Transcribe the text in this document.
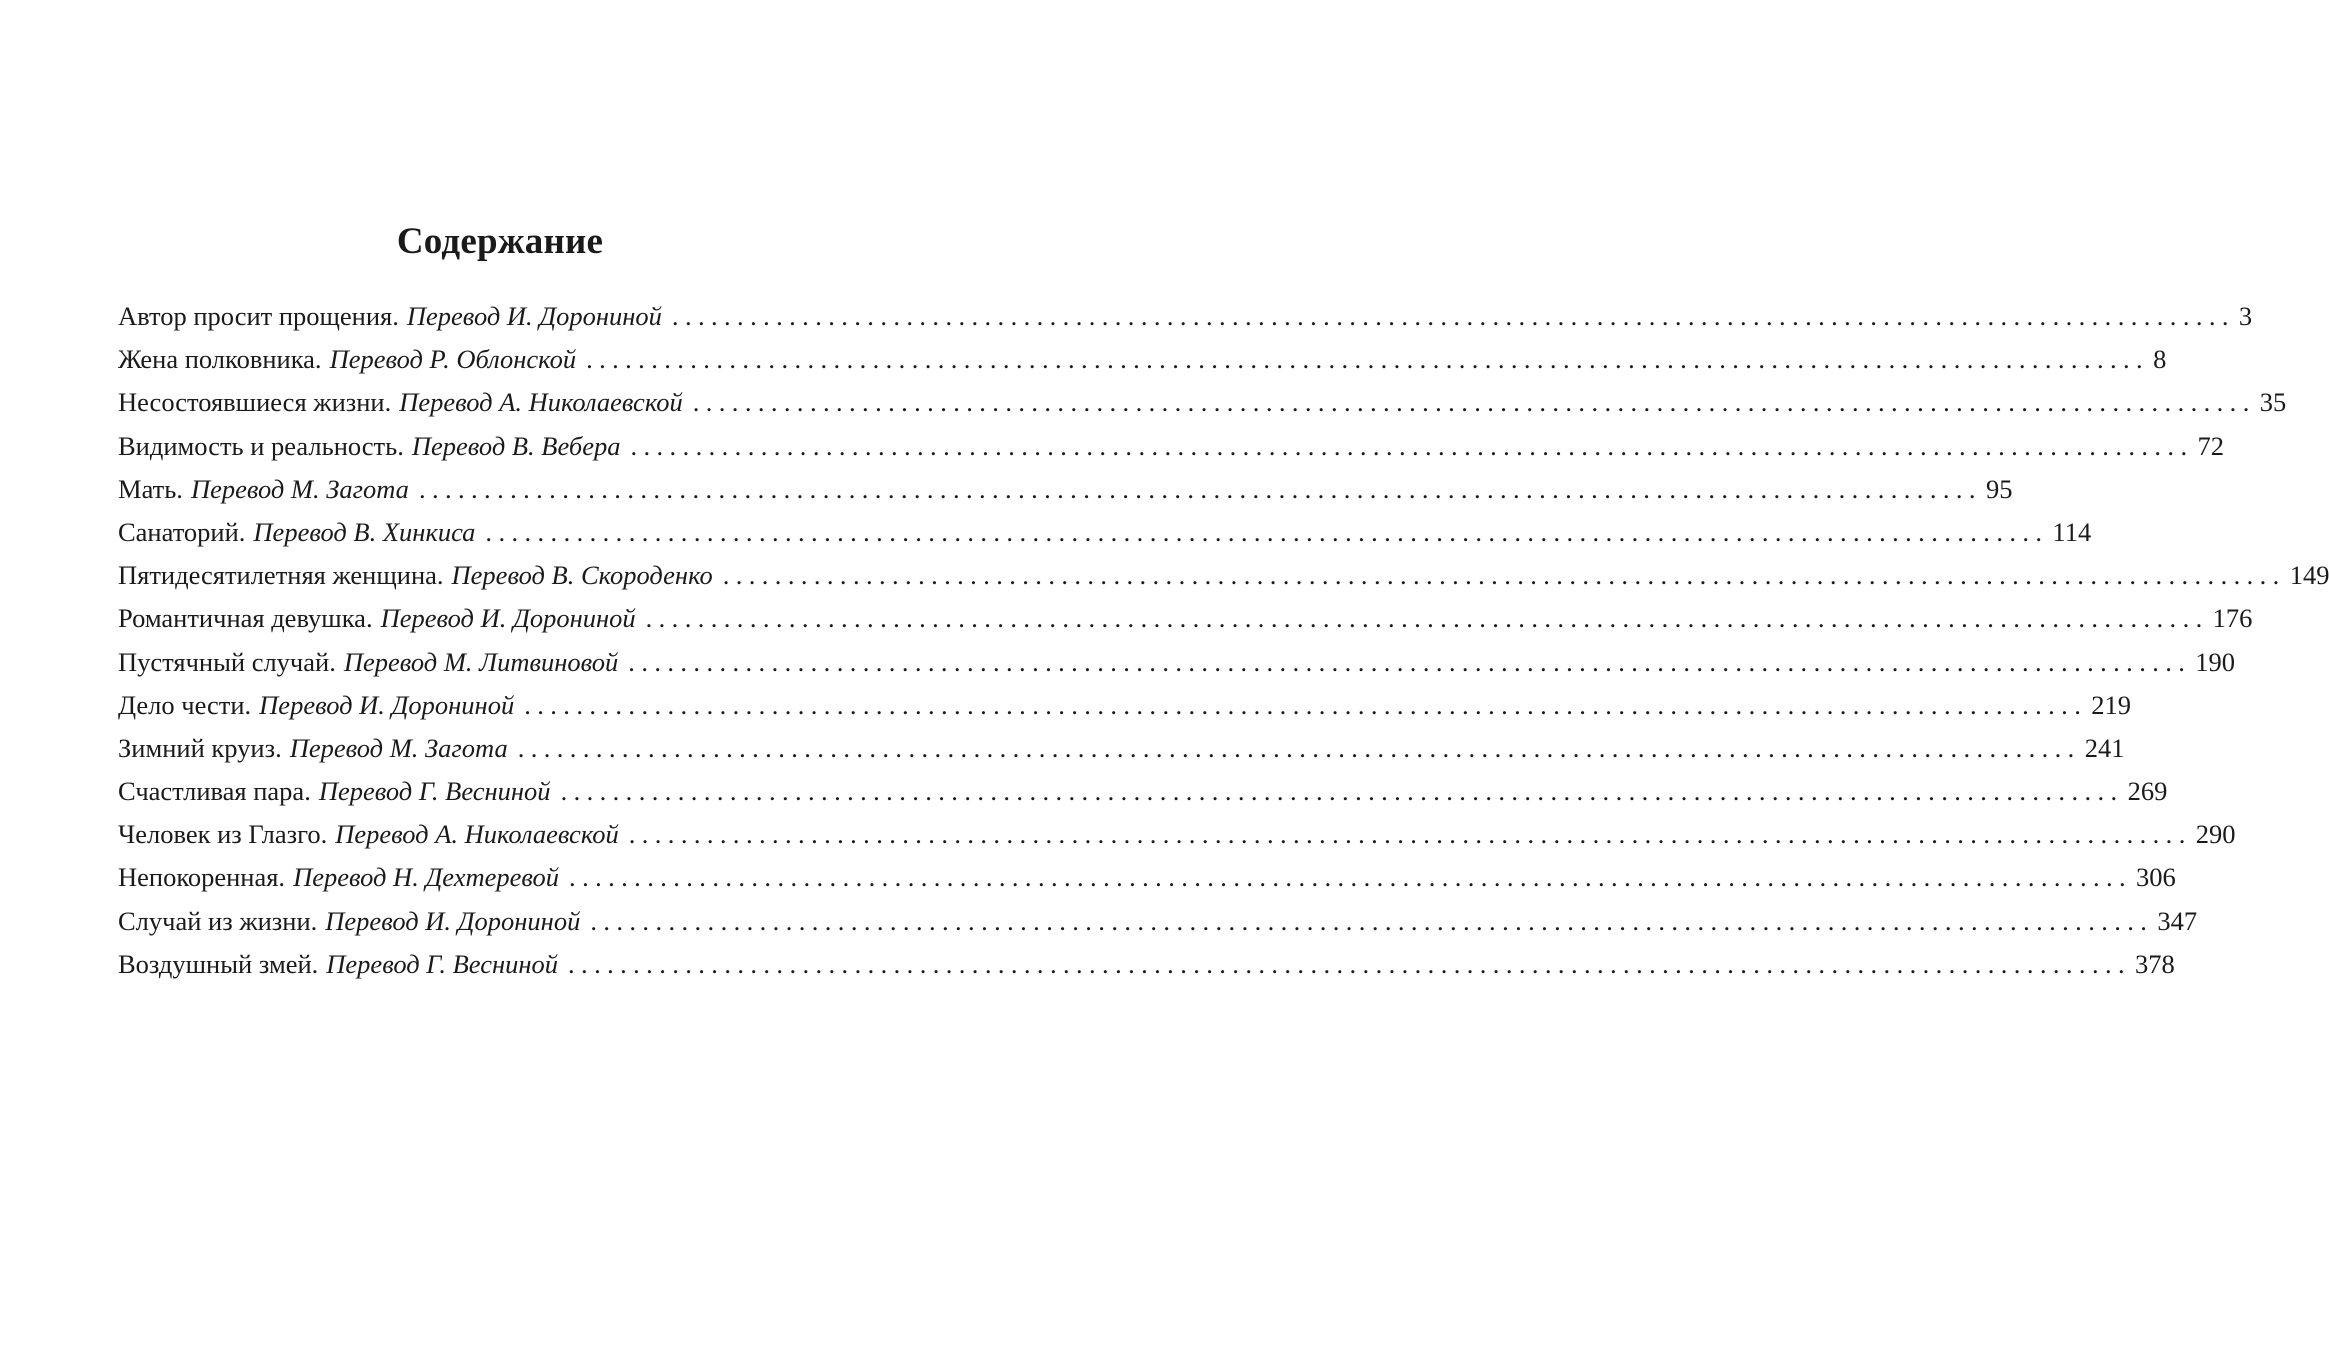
Содержание
Автор просит прощения. Перевод И. Дорониной ........................................................................................................................ 3
Жена полковника. Перевод Р. Облонской ........................................................................................................................ 8
Несостоявшиеся жизни. Перевод А. Николаевской ........................................................................................................................ 35
Видимость и реальность. Перевод В. Вебера ........................................................................................................................ 72
Мать. Перевод М. Загота ........................................................................................................................ 95
Санаторий. Перевод В. Хинкиса ........................................................................................................................ 114
Пятидесятилетняя женщина. Перевод В. Скороденко ........................................................................................................................ 149
Романтичная девушка. Перевод И. Дорониной ........................................................................................................................ 176
Пустячный случай. Перевод М. Литвиновой ........................................................................................................................ 190
Дело чести. Перевод И. Дорониной ........................................................................................................................ 219
Зимний круиз. Перевод М. Загота ........................................................................................................................ 241
Счастливая пара. Перевод Г. Весниной ........................................................................................................................ 269
Человек из Глазго. Перевод А. Николаевской ........................................................................................................................ 290
Непокоренная. Перевод Н. Дехтеревой ........................................................................................................................ 306
Случай из жизни. Перевод И. Дорониной ........................................................................................................................ 347
Воздушный змей. Перевод Г. Весниной ........................................................................................................................ 378
